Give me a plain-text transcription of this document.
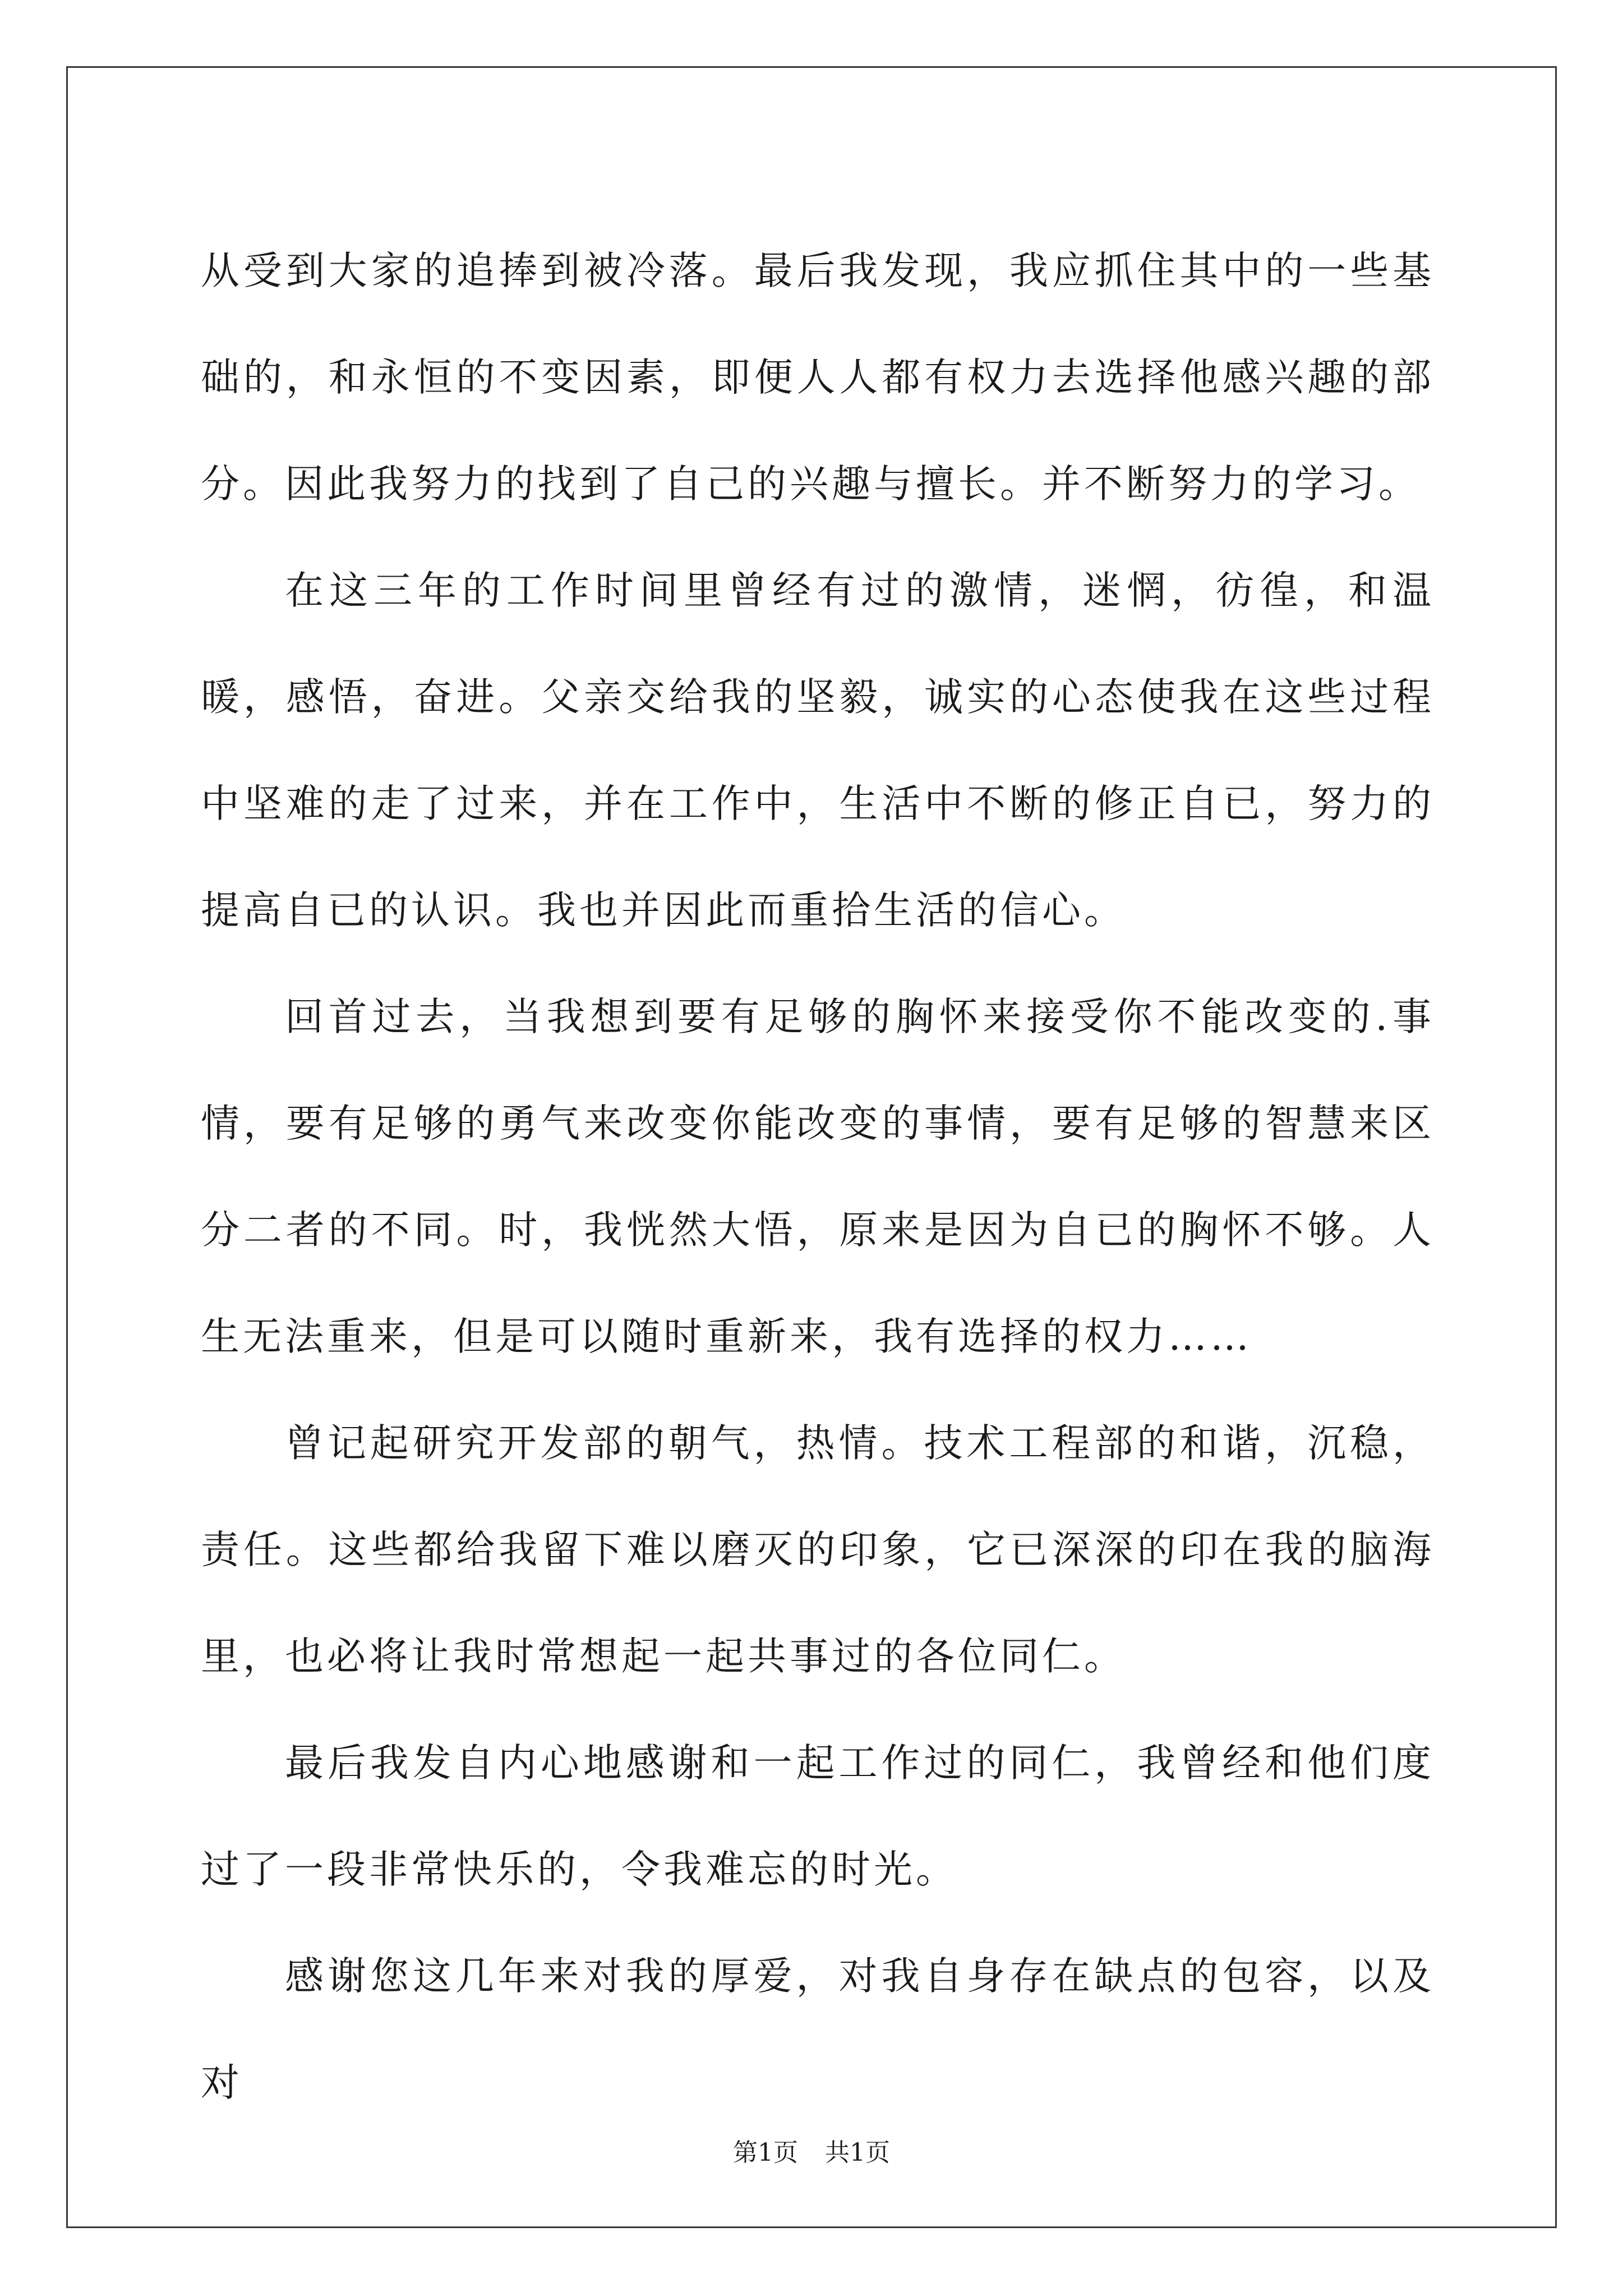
从受到大家的追捧到被冷落。最后我发现，我应抓住其中的一些基础的，和永恒的不变因素，即便人人都有权力去选择他感兴趣的部分。因此我努力的找到了自己的兴趣与擅长。并不断努力的学习。

在这三年的工作时间里曾经有过的激情，迷惘，彷徨，和温暖，感悟，奋进。父亲交给我的坚毅，诚实的心态使我在这些过程中坚难的走了过来，并在工作中，生活中不断的修正自已，努力的提高自已的认识。我也并因此而重拾生活的信心。

回首过去，当我想到要有足够的胸怀来接受你不能改变的.事情，要有足够的勇气来改变你能改变的事情，要有足够的智慧来区分二者的不同。时，我恍然大悟，原来是因为自已的胸怀不够。人生无法重来，但是可以随时重新来，我有选择的权力……

曾记起研究开发部的朝气，热情。技术工程部的和谐，沉稳，责任。这些都给我留下难以磨灭的印象，它已深深的印在我的脑海里，也必将让我时常想起一起共事过的各位同仁。

最后我发自内心地感谢和一起工作过的同仁，我曾经和他们度过了一段非常快乐的，令我难忘的时光。

感谢您这几年来对我的厚爱，对我自身存在缺点的包容，以及对

第1页 共1页
